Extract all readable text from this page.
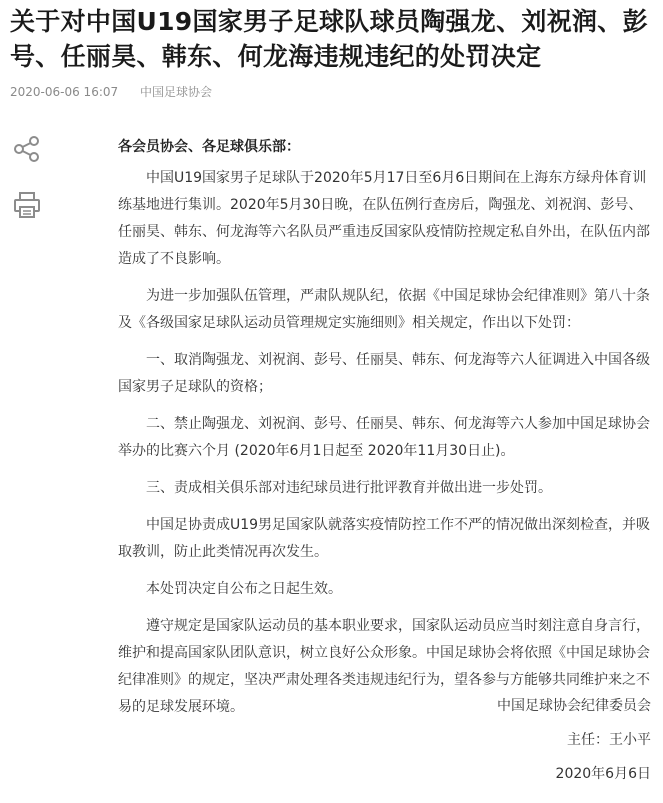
关于对中国U19国家男子足球队球员陶强龙、刘祝润、彭号、任丽昊、韩东、何龙海违规违纪的处罚决定
2020-06-06 16:07 中国足球协会

各会员协会、各足球俱乐部：

中国U19国家男子足球队于2020年5月17日至6月6日期间在上海东方绿舟体育训练基地进行集训。2020年5月30日晚，在队伍例行查房后，陶强龙、刘祝润、彭号、任丽昊、韩东、何龙海等六名队员严重违反国家队疫情防控规定私自外出，在队伍内部造成了不良影响。

为进一步加强队伍管理，严肃队规队纪，依据《中国足球协会纪律准则》第八十条及《各级国家足球队运动员管理规定实施细则》相关规定，作出以下处罚：

一、取消陶强龙、刘祝润、彭号、任丽昊、韩东、何龙海等六人征调进入中国各级国家男子足球队的资格；

二、禁止陶强龙、刘祝润、彭号、任丽昊、韩东、何龙海等六人参加中国足球协会举办的比赛六个月 (2020年6月1日起至 2020年11月30日止)。

三、责成相关俱乐部对违纪球员进行批评教育并做出进一步处罚。

中国足协责成U19男足国家队就落实疫情防控工作不严的情况做出深刻检查，并吸取教训，防止此类情况再次发生。

本处罚决定自公布之日起生效。

遵守规定是国家队运动员的基本职业要求，国家队运动员应当时刻注意自身言行，维护和提高国家队团队意识，树立良好公众形象。中国足球协会将依照《中国足球协会纪律准则》的规定，坚决严肃处理各类违规违纪行为，望各参与方能够共同维护来之不易的足球发展环境。	中国足球协会纪律委员会
主任：王小平
2020年6月6日
